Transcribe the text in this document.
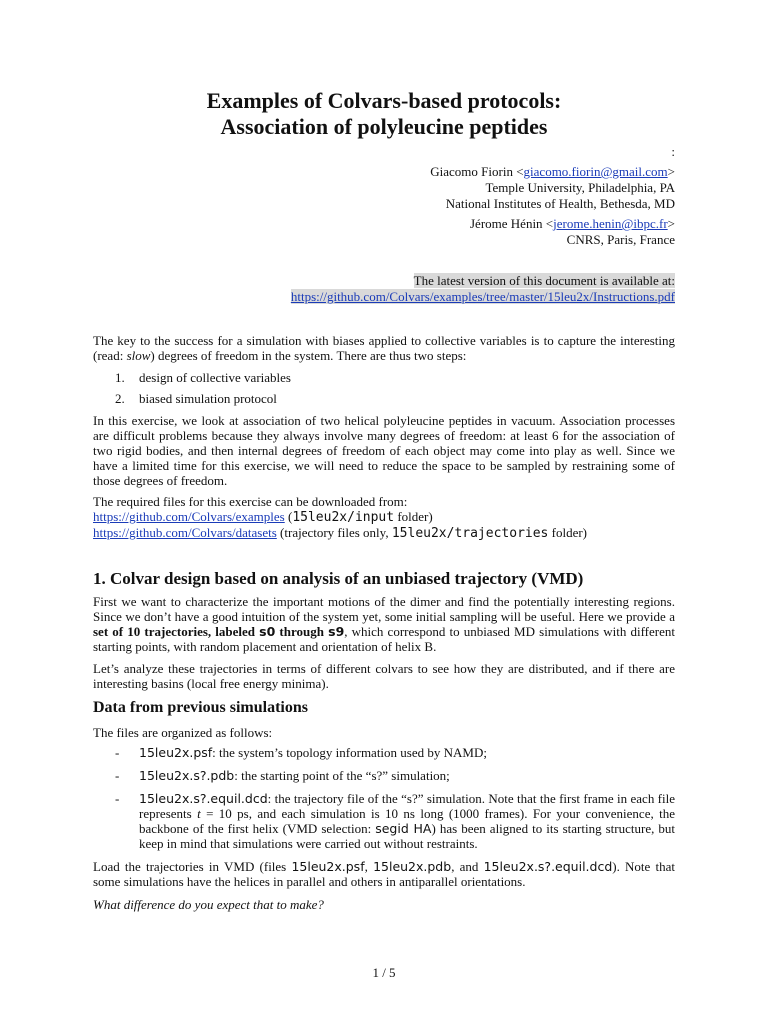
Examples of Colvars-based protocols:
Association of polyleucine peptides
:
Giacomo Fiorin <giacomo.fiorin@gmail.com>
Temple University, Philadelphia, PA
National Institutes of Health, Bethesda, MD
Jérome Hénin <jerome.henin@ibpc.fr>
CNRS, Paris, France
The latest version of this document is available at:
https://github.com/Colvars/examples/tree/master/15leu2x/Instructions.pdf

The key to the success for a simulation with biases applied to collective variables is to capture the interesting (read: slow) degrees of freedom in the system. There are thus two steps:

1. design of collective variables
2. biased simulation protocol

In this exercise, we look at association of two helical polyleucine peptides in vacuum. Association processes are difficult problems because they always involve many degrees of freedom: at least 6 for the association of two rigid bodies, and then internal degrees of freedom of each object may come into play as well. Since we have a limited time for this exercise, we will need to reduce the space to be sampled by restraining some of those degrees of freedom.

The required files for this exercise can be downloaded from:

https://github.com/Colvars/examples (15leu2x/input folder)

https://github.com/Colvars/datasets (trajectory files only, 15leu2x/trajectories folder)

1. Colvar design based on analysis of an unbiased trajectory (VMD)

First we want to characterize the important motions of the dimer and find the potentially interesting regions. Since we don’t have a good intuition of the system yet, some initial sampling will be useful. Here we provide a set of 10 trajectories, labeled s0 through s9, which correspond to unbiased MD simulations with different starting points, with random placement and orientation of helix B.

Let’s analyze these trajectories in terms of different colvars to see how they are distributed, and if there are interesting basins (local free energy minima).

Data from previous simulations

The files are organized as follows:

- 15leu2x.psf: the system’s topology information used by NAMD;
- 15leu2x.s?.pdb: the starting point of the “s?” simulation;
- 15leu2x.s?.equil.dcd: the trajectory file of the “s?” simulation. Note that the first frame in each file represents t = 10 ps, and each simulation is 10 ns long (1000 frames). For your convenience, the backbone of the first helix (VMD selection: segid HA) has been aligned to its starting structure, but keep in mind that simulations were carried out without restraints.

Load the trajectories in VMD (files 15leu2x.psf, 15leu2x.pdb, and 15leu2x.s?.equil.dcd). Note that some simulations have the helices in parallel and others in antiparallel orientations.

What difference do you expect that to make?

1 / 5
